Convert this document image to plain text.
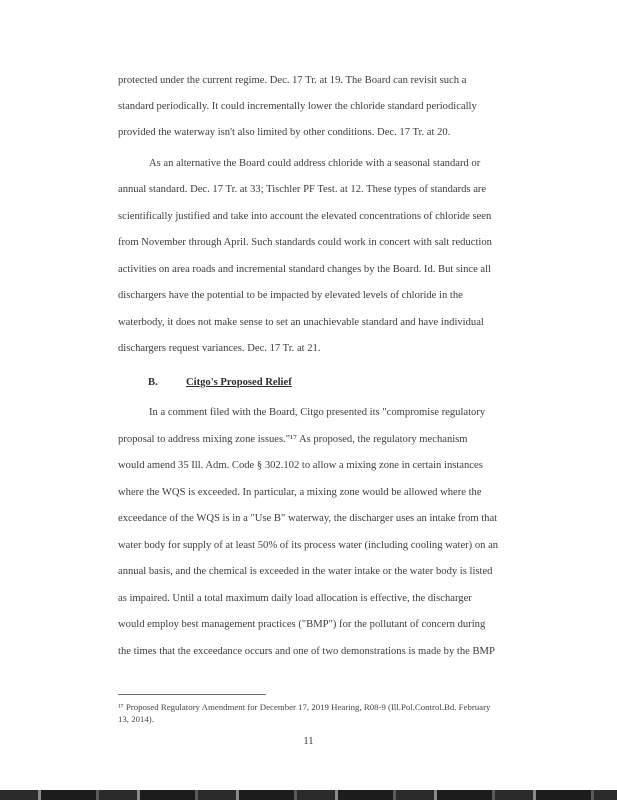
protected under the current regime. Dec. 17 Tr. at 19. The Board can revisit such a
standard periodically. It could incrementally lower the chloride standard periodically
provided the waterway isn't also limited by other conditions. Dec. 17 Tr. at 20.
As an alternative the Board could address chloride with a seasonal standard or
annual standard. Dec. 17 Tr. at 33; Tischler PF Test. at 12. These types of standards are
scientifically justified and take into account the elevated concentrations of chloride seen
from November through April. Such standards could work in concert with salt reduction
activities on area roads and incremental standard changes by the Board. Id. But since all
dischargers have the potential to be impacted by elevated levels of chloride in the
waterbody, it does not make sense to set an unachievable standard and have individual
dischargers request variances. Dec. 17 Tr. at 21.
B.	Citgo's Proposed Relief
In a comment filed with the Board, Citgo presented its "compromise regulatory
proposal to address mixing zone issues."¹⁷ As proposed, the regulatory mechanism
would amend 35 Ill. Adm. Code § 302.102 to allow a mixing zone in certain instances
where the WQS is exceeded. In particular, a mixing zone would be allowed where the
exceedance of the WQS is in a "Use B" waterway, the discharger uses an intake from that
water body for supply of at least 50% of its process water (including cooling water) on an
annual basis, and the chemical is exceeded in the water intake or the water body is listed
as impaired. Until a total maximum daily load allocation is effective, the discharger
would employ best management practices ("BMP") for the pollutant of concern during
the times that the exceedance occurs and one of two demonstrations is made by the BMP
¹⁷ Proposed Regulatory Amendment for December 17, 2019 Hearing, R08-9 (Ill.Pol.Control.Bd. February
13, 2014).
11
